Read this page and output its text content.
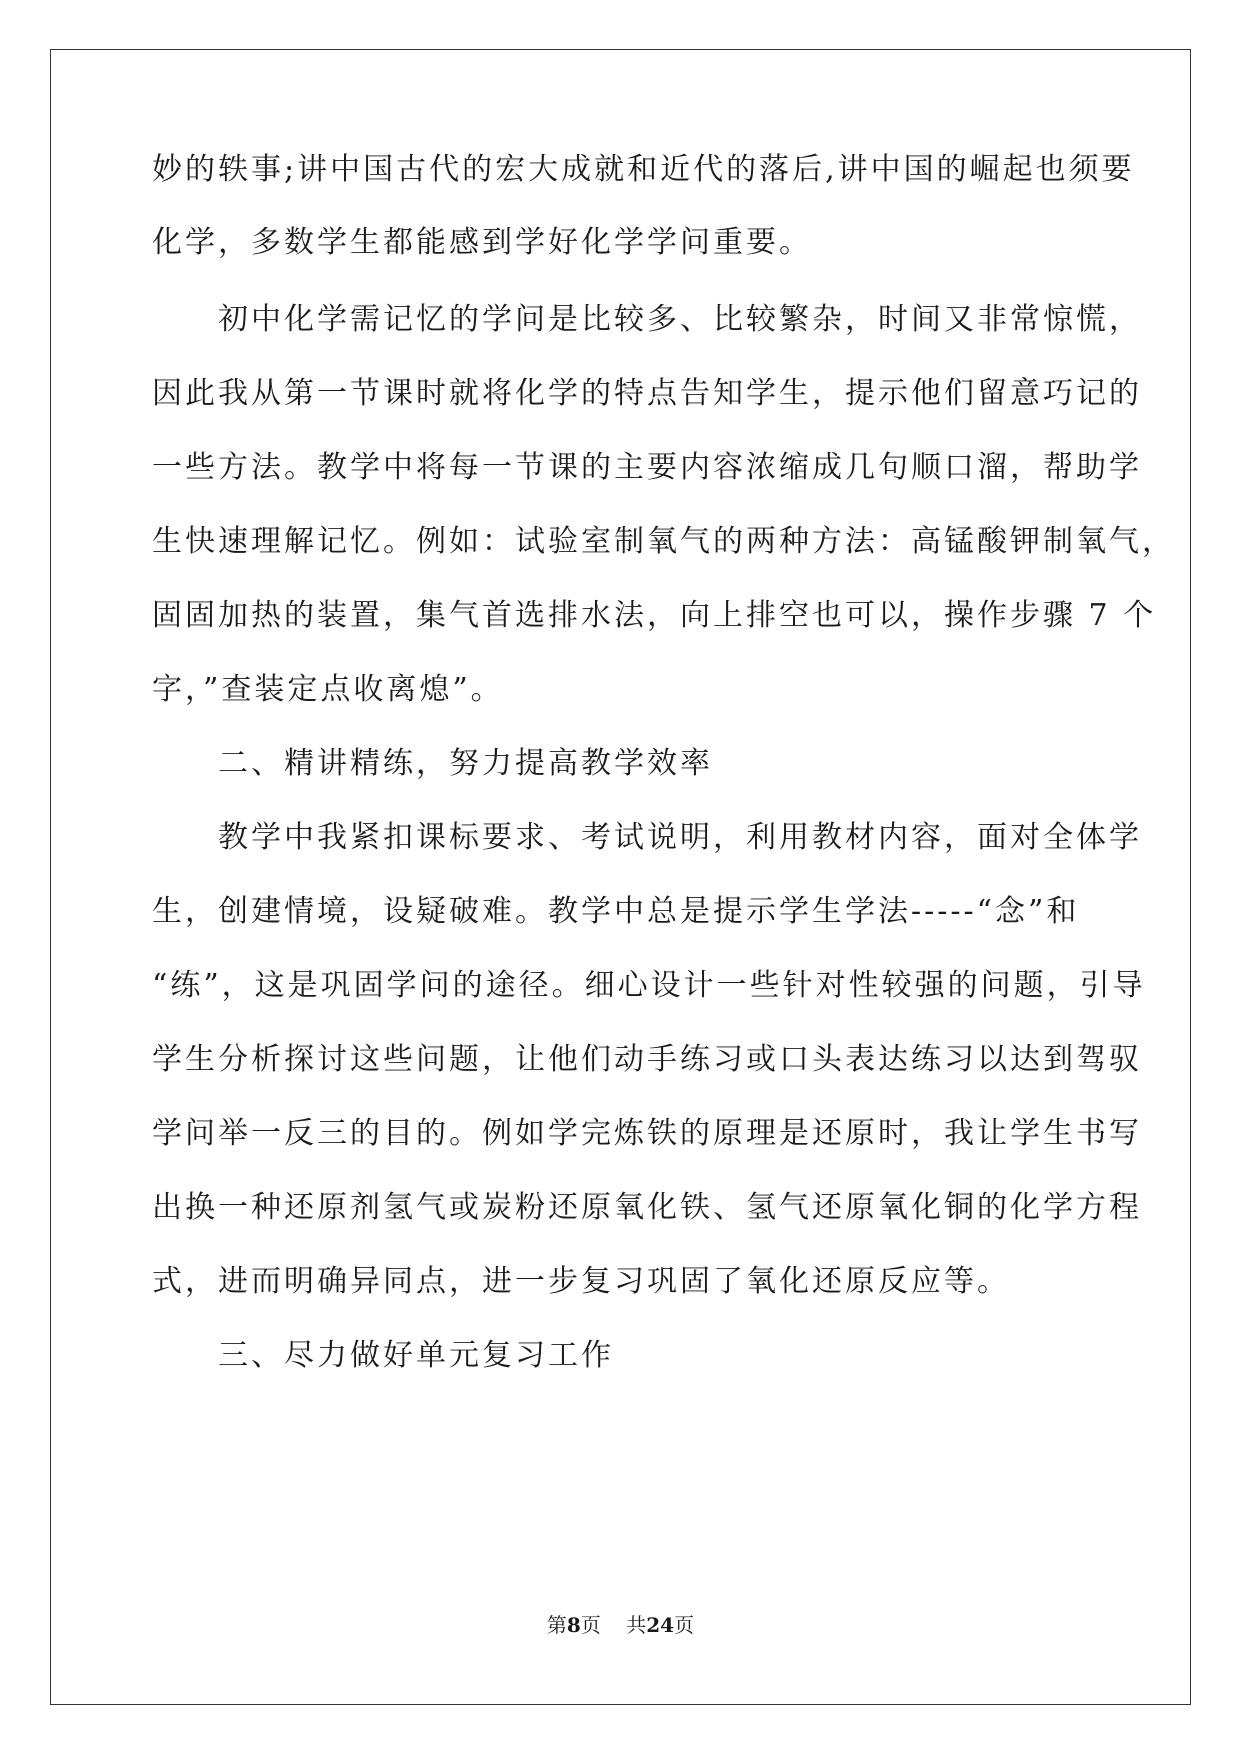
妙的轶事;讲中国古代的宏大成就和近代的落后,讲中国的崛起也须要
化学，多数学生都能感到学好化学学问重要。
　　初中化学需记忆的学问是比较多、比较繁杂，时间又非常惊慌，
因此我从第一节课时就将化学的特点告知学生，提示他们留意巧记的
一些方法。教学中将每一节课的主要内容浓缩成几句顺口溜，帮助学
生快速理解记忆。例如：试验室制氧气的两种方法：高锰酸钾制氧气，
固固加热的装置，集气首选排水法，向上排空也可以，操作步骤 7 个
字，”查装定点收离熄”。
　　二、精讲精练，努力提高教学效率
　　教学中我紧扣课标要求、考试说明，利用教材内容，面对全体学
生，创建情境，设疑破难。教学中总是提示学生学法-----“念”和
“练”，这是巩固学问的途径。细心设计一些针对性较强的问题，引导
学生分析探讨这些问题，让他们动手练习或口头表达练习以达到驾驭
学问举一反三的目的。例如学完炼铁的原理是还原时，我让学生书写
出换一种还原剂氢气或炭粉还原氧化铁、氢气还原氧化铜的化学方程
式，进而明确异同点，进一步复习巩固了氧化还原反应等。
　　三、尽力做好单元复习工作
第8页 共24页
